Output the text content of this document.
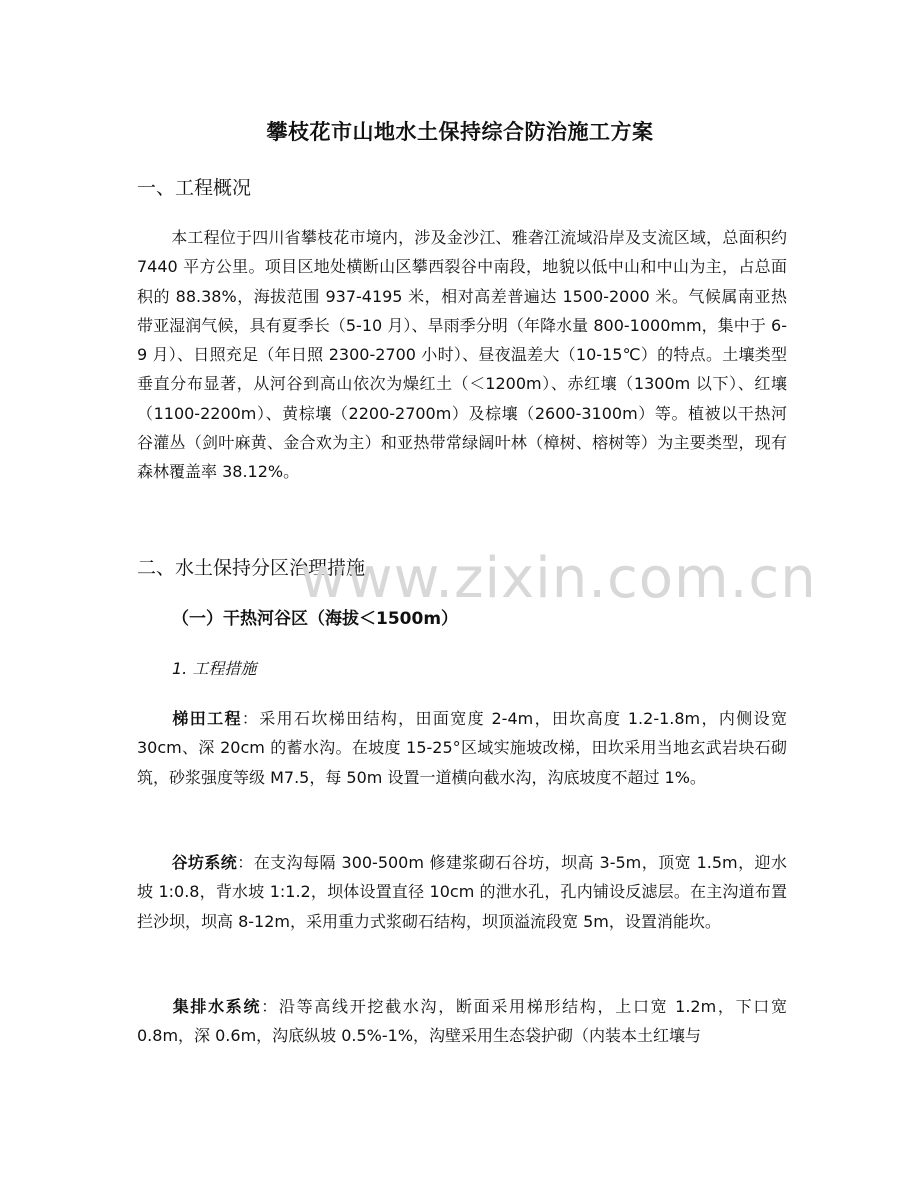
攀枝花市山地水土保持综合防治施工方案
一、工程概况
本工程位于四川省攀枝花市境内，涉及金沙江、雅砻江流域沿岸及支流区域，总面积约 7440 平方公里。项目区地处横断山区攀西裂谷中南段，地貌以低中山和中山为主，占总面积的 88.38%，海拔范围 937-4195 米，相对高差普遍达 1500-2000 米。气候属南亚热带亚湿润气候，具有夏季长（5-10 月）、旱雨季分明（年降水量 800-1000mm，集中于 6-9 月）、日照充足（年日照 2300-2700 小时）、昼夜温差大（10-15℃）的特点。土壤类型垂直分布显著，从河谷到高山依次为燥红土（＜1200m）、赤红壤（1300m 以下）、红壤（1100-2200m）、黄棕壤（2200-2700m）及棕壤（2600-3100m）等。植被以干热河谷灌丛（剑叶麻黄、金合欢为主）和亚热带常绿阔叶林（樟树、榕树等）为主要类型，现有森林覆盖率 38.12%。
二、水土保持分区治理措施
（一）干热河谷区（海拔＜1500m）
1. 工程措施
梯田工程：采用石坎梯田结构，田面宽度 2-4m，田坎高度 1.2-1.8m，内侧设宽 30cm、深 20cm 的蓄水沟。在坡度 15-25°区域实施坡改梯，田坎采用当地玄武岩块石砌筑，砂浆强度等级 M7.5，每 50m 设置一道横向截水沟，沟底坡度不超过 1%。
谷坊系统：在支沟每隔 300-500m 修建浆砌石谷坊，坝高 3-5m，顶宽 1.5m，迎水坡 1:0.8，背水坡 1:1.2，坝体设置直径 10cm 的泄水孔，孔内铺设反滤层。在主沟道布置拦沙坝，坝高 8-12m，采用重力式浆砌石结构，坝顶溢流段宽 5m，设置消能坎。
集排水系统：沿等高线开挖截水沟，断面采用梯形结构，上口宽 1.2m，下口宽 0.8m，深 0.6m，沟底纵坡 0.5%-1%，沟壁采用生态袋护砌（内装本土红壤与
www.zixin.com.cn
